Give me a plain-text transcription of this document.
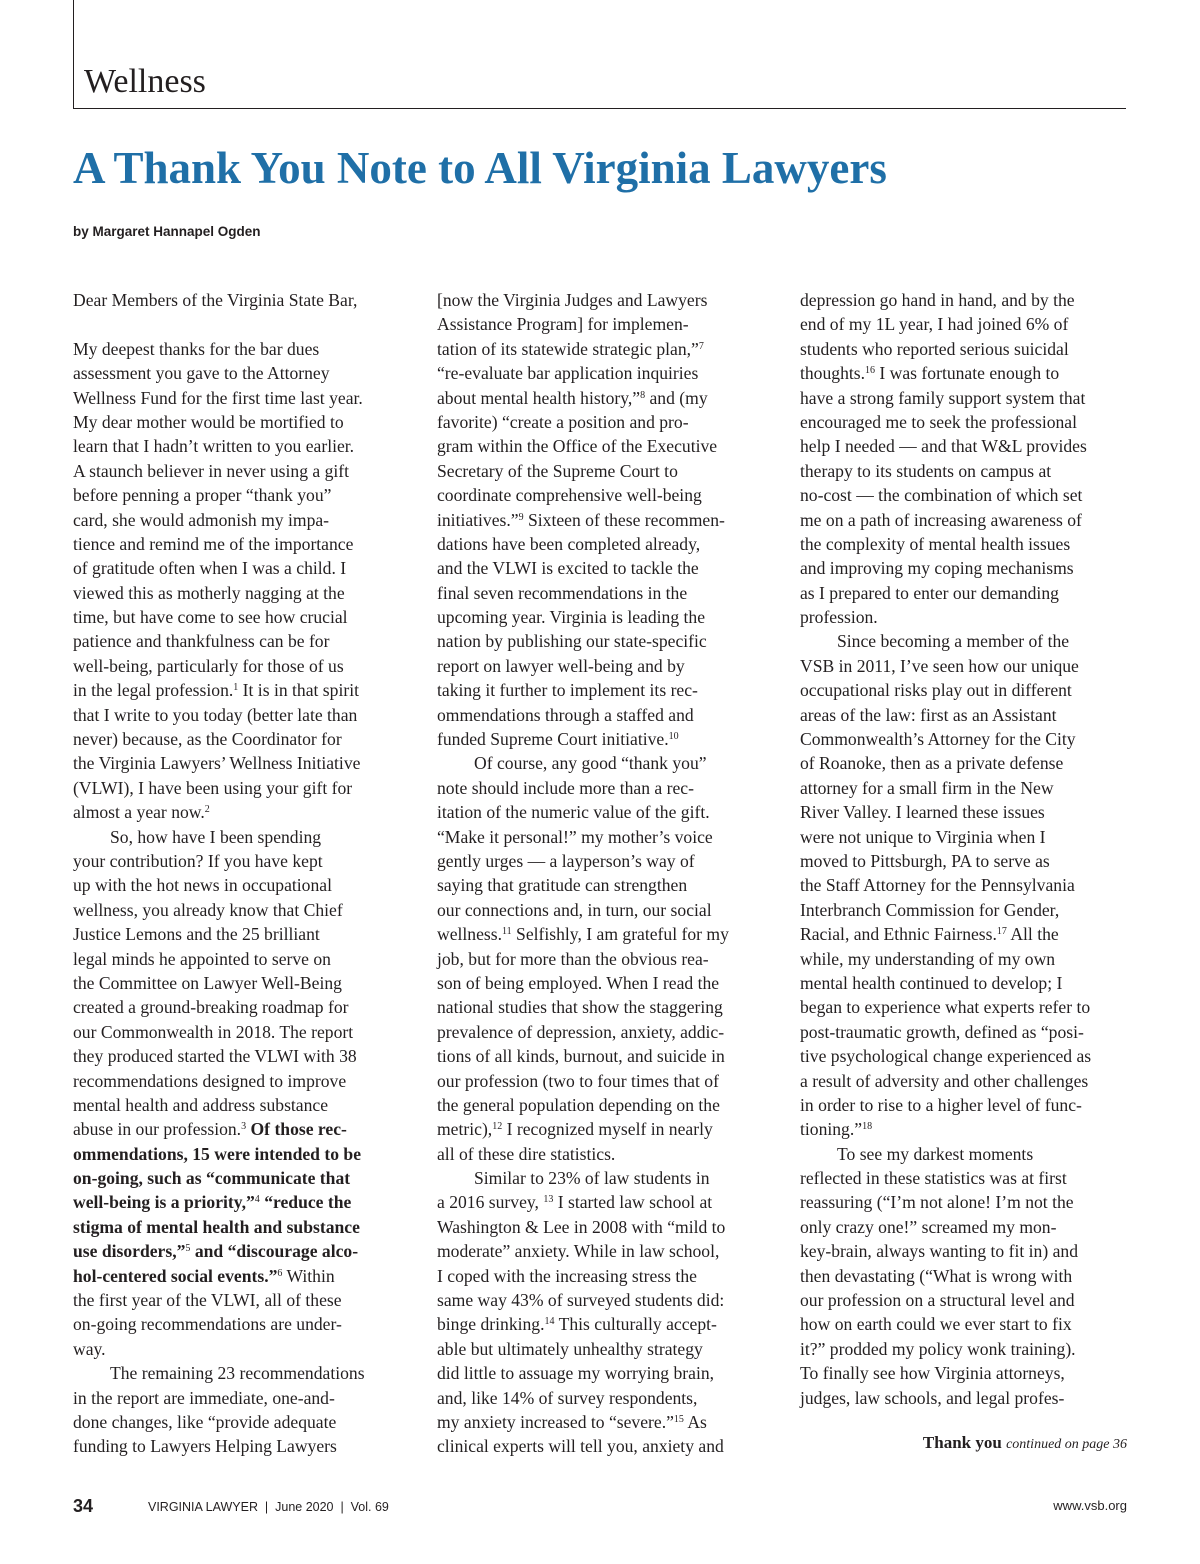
Wellness
A Thank You Note to All Virginia Lawyers
by Margaret Hannapel Ogden
Dear Members of the Virginia State Bar,
My deepest thanks for the bar dues
assessment you gave to the Attorney
Wellness Fund for the first time last year.
My dear mother would be mortified to
learn that I hadn’t written to you earlier.
A staunch believer in never using a gift
before penning a proper “thank you”
card, she would admonish my impa-
tience and remind me of the importance
of gratitude often when I was a child. I
viewed this as motherly nagging at the
time, but have come to see how crucial
patience and thankfulness can be for
well-being, particularly for those of us
in the legal profession.$^1$ It is in that spirit
that I write to you today (better late than
never) because, as the Coordinator for
the Virginia Lawyers’ Wellness Initiative
(VLWI), I have been using your gift for
almost a year now.$^2$
So, how have I been spending
your contribution? If you have kept
up with the hot news in occupational
wellness, you already know that Chief
Justice Lemons and the 25 brilliant
legal minds he appointed to serve on
the Committee on Lawyer Well-Being
created a ground-breaking roadmap for
our Commonwealth in 2018. The report
they produced started the VLWI with 38
recommendations designed to improve
mental health and address substance
abuse in our profession.$^3$ Of those rec-
ommendations, 15 were intended to be
on-going, such as “communicate that
well-being is a priority,”$^4$ “reduce the
stigma of mental health and substance
use disorders,”$^5$ and “discourage alco-
hol-centered social events.”$^6$ Within
the first year of the VLWI, all of these
on-going recommendations are under-
way.
The remaining 23 recommendations
in the report are immediate, one-and-
done changes, like “provide adequate
funding to Lawyers Helping Lawyers
[now the Virginia Judges and Lawyers
Assistance Program] for implemen-
tation of its statewide strategic plan,”$^7$
“re-evaluate bar application inquiries
about mental health history,”$^8$ and (my
favorite) “create a position and pro-
gram within the Office of the Executive
Secretary of the Supreme Court to
coordinate comprehensive well-being
initiatives.”$^9$ Sixteen of these recommen-
dations have been completed already,
and the VLWI is excited to tackle the
final seven recommendations in the
upcoming year. Virginia is leading the
nation by publishing our state-specific
report on lawyer well-being and by
taking it further to implement its rec-
ommendations through a staffed and
funded Supreme Court initiative.$^{10}$
Of course, any good “thank you”
note should include more than a rec-
itation of the numeric value of the gift.
“Make it personal!” my mother’s voice
gently urges — a layperson’s way of
saying that gratitude can strengthen
our connections and, in turn, our social
wellness.$^{11}$ Selfishly, I am grateful for my
job, but for more than the obvious rea-
son of being employed. When I read the
national studies that show the staggering
prevalence of depression, anxiety, addic-
tions of all kinds, burnout, and suicide in
our profession (two to four times that of
the general population depending on the
metric),$^{12}$ I recognized myself in nearly
all of these dire statistics.
Similar to 23% of law students in
a 2016 survey, $^{13}$ I started law school at
Washington & Lee in 2008 with “mild to
moderate” anxiety. While in law school,
I coped with the increasing stress the
same way 43% of surveyed students did:
binge drinking.$^{14}$ This culturally accept-
able but ultimately unhealthy strategy
did little to assuage my worrying brain,
and, like 14% of survey respondents,
my anxiety increased to “severe.”$^{15}$ As
clinical experts will tell you, anxiety and
depression go hand in hand, and by the
end of my 1L year, I had joined 6% of
students who reported serious suicidal
thoughts.$^{16}$ I was fortunate enough to
have a strong family support system that
encouraged me to seek the professional
help I needed — and that W&L provides
therapy to its students on campus at
no-cost — the combination of which set
me on a path of increasing awareness of
the complexity of mental health issues
and improving my coping mechanisms
as I prepared to enter our demanding
profession.
Since becoming a member of the
VSB in 2011, I’ve seen how our unique
occupational risks play out in different
areas of the law: first as an Assistant
Commonwealth’s Attorney for the City
of Roanoke, then as a private defense
attorney for a small firm in the New
River Valley. I learned these issues
were not unique to Virginia when I
moved to Pittsburgh, PA to serve as
the Staff Attorney for the Pennsylvania
Interbranch Commission for Gender,
Racial, and Ethnic Fairness.$^{17}$ All the
while, my understanding of my own
mental health continued to develop; I
began to experience what experts refer to
post-traumatic growth, defined as “posi-
tive psychological change experienced as
a result of adversity and other challenges
in order to rise to a higher level of func-
tioning.”$^{18}$
To see my darkest moments
reflected in these statistics was at first
reassuring (“I’m not alone! I’m not the
only crazy one!” screamed my mon-
key-brain, always wanting to fit in) and
then devastating (“What is wrong with
our profession on a structural level and
how on earth could we ever start to fix
it?” prodded my policy wonk training).
To finally see how Virginia attorneys,
judges, law schools, and legal profes-
Thank you continued on page 36
34	VIRGINIA LAWYER  |  June 2020  |  Vol. 69	www.vsb.org
